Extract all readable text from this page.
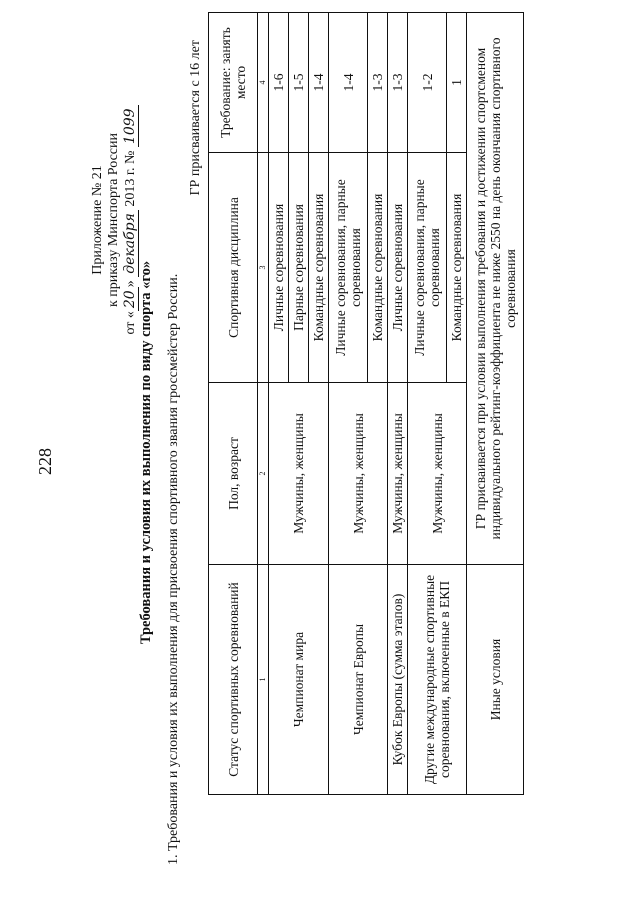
228
Приложение № 21 к приказу Минспорта России
от «20» декабря 2013 г. № 1099
Требования и условия их выполнения по виду спорта «го» 1. Требования и условия их выполнения для присвоения спортивного звания гроссмейстер России.
ГР присваивается с 16 лет
Статус спортивных соревнований	Пол, возраст	Спортивная дисциплина	Требование: занять место
1	2	3	4
Чемпионат мира	Мужчины, женщины	Личные соревнования	1-6
		Парные соревнования	1-5
		Командные соревнования	1-4
Чемпионат Европы	Мужчины, женщины	Личные соревнования, парные соревнования	1-4
		Командные соревнования	1-3
Кубок Европы (сумма этапов)	Мужчины, женщины	Личные соревнования	1-3
Другие международные спортивные соревнования, включенные в ЕКП	Мужчины, женщины	Личные соревнования, парные соревнования	1-2
		Командные соревнования	1
Иные условия	ГР присваивается при условии выполнения требования и достижении спортсменом индивидуального рейтинг-коэффициента не ниже 2550 на день окончания спортивного соревнования		
